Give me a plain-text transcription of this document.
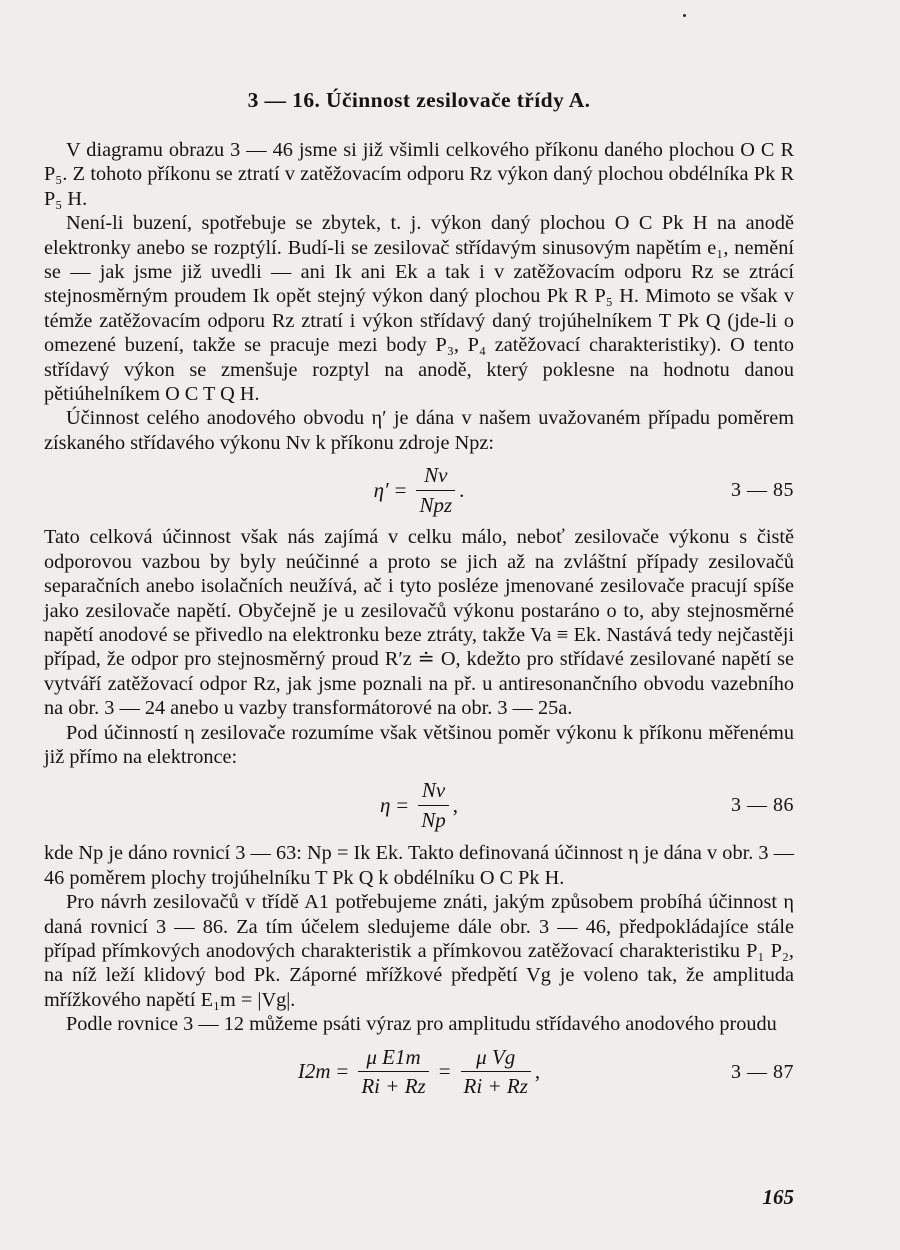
3 — 16. Účinnost zesilovače třídy A.

V diagramu obrazu 3 — 46 jsme si již všimli celkového příkonu daného plochou O C R P₅. Z tohoto příkonu se ztratí v zatěžovacím odporu Rz výkon daný plochou obdélníka Pk R P₅ H.

Není-li buzení, spotřebuje se zbytek, t. j. výkon daný plochou O C Pk H na anodě elektronky anebo se rozptýlí. Budí-li se zesilovač střídavým sinusovým napětím e₁, nemění se — jak jsme již uvedli — ani Ik ani Ek a tak i v zatěžovacím odporu Rz se ztrácí stejnosměrným proudem Ik opět stejný výkon daný plochou Pk R P₅ H. Mimoto se však v témže zatěžovacím odporu Rz ztratí i výkon střídavý daný trojúhelníkem T Pk Q (jde-li o omezené buzení, takže se pracuje mezi body P₃, P₄ zatěžovací charakteristiky). O tento střídavý výkon se zmenšuje rozptyl na anodě, který poklesne na hodnotu danou pětiúhelníkem O C T Q H.

Účinnost celého anodového obvodu η′ je dána v našem uvažovaném případu poměrem získaného střídavého výkonu Nv k příkonu zdroje Npz:

$\eta' = \frac{Nv}{\text{Npz}}$ .	3 — 85

Tato celková účinnost však nás zajímá v celku málo, neboť zesilovače výkonu s čistě odporovou vazbou by byly neúčinné a proto se jich až na zvláštní případy zesilovačů separačních anebo isolačních neužívá, ač i tyto posléze jmenované zesilovače pracují spíše jako zesilovače napětí. Obyčejně je u zesilovačů výkonu postaráno o to, aby stejnosměrné napětí anodové se přivedlo na elektronku beze ztráty, takže Va ≡ Ek. Nastává tedy nejčastěji případ, že odpor pro stejnosměrný proud R′z ≐ O, kdežto pro střídavé zesilované napětí se vytváří zatěžovací odpor Rz, jak jsme poznali na př. u antiresonančního obvodu vazebního na obr. 3 — 24 anebo u vazby transformátorové na obr. 3 — 25a.

Pod účinností η zesilovače rozumíme však většinou poměr výkonu k příkonu měřenému již přímo na elektronce:

$\eta = \frac{Nv}{Np}$ ,	3 — 86

kde Np je dáno rovnicí 3 — 63: Np = Ik Ek. Takto definovaná účinnost η je dána v obr. 3 — 46 poměrem plochy trojúhelníku T Pk Q k obdélníku O C Pk H.

Pro návrh zesilovačů v třídě A1 potřebujeme znáti, jakým způsobem probíhá účinnost η daná rovnicí 3 — 86. Za tím účelem sledujeme dále obr. 3 — 46, předpokládajíce stále případ přímkových anodových charakteristik a přímkovou zatěžovací charakteristiku P₁ P₂, na níž leží klidový bod Pk. Záporné mřížkové předpětí Vg je voleno tak, že amplituda mřížkového napětí E₁m = |Vg|.

Podle rovnice 3 — 12 můžeme psáti výraz pro amplitudu střídavého anodového proudu

$I2m = \frac{\text{μ E1m}}{Ri + Rz} = \frac{\text{μ Vg}}{Ri + Rz}$ ,	3 — 87
165
